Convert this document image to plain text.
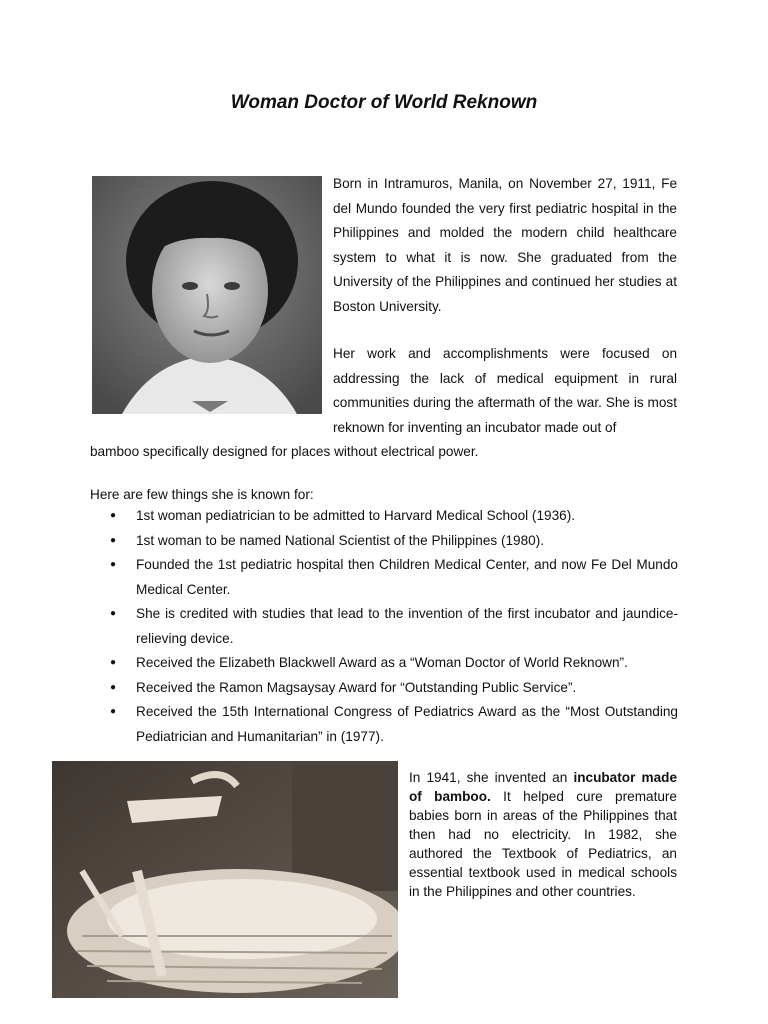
Woman Doctor of World Reknown

Born in Intramuros, Manila, on November 27, 1911, Fe del Mundo founded the very first pediatric hospital in the Philippines and molded the modern child healthcare system to what it is now. She graduated from the University of the Philippines and continued her studies at Boston University.

Her work and accomplishments were focused on addressing the lack of medical equipment in rural communities during the aftermath of the war. She is most reknown for inventing an incubator made out of

bamboo specifically designed for places without electrical power.

Here are few things she is known for:

● 1st woman pediatrician to be admitted to Harvard Medical School (1936).
● 1st woman to be named National Scientist of the Philippines (1980).
● Founded the 1st pediatric hospital then Children Medical Center, and now Fe Del Mundo Medical Center.
● She is credited with studies that lead to the invention of the first incubator and jaundice-relieving device.
● Received the Elizabeth Blackwell Award as a “Woman Doctor of World Reknown”.
● Received the Ramon Magsaysay Award for “Outstanding Public Service”.
● Received the 15th International Congress of Pediatrics Award as the “Most Outstanding Pediatrician and Humanitarian” in (1977).

In 1941, she invented an incubator made of bamboo. It helped cure premature babies born in areas of the Philippines that then had no electricity. In 1982, she authored the Textbook of Pediatrics, an essential textbook used in medical schools in the Philippines and other countries.
